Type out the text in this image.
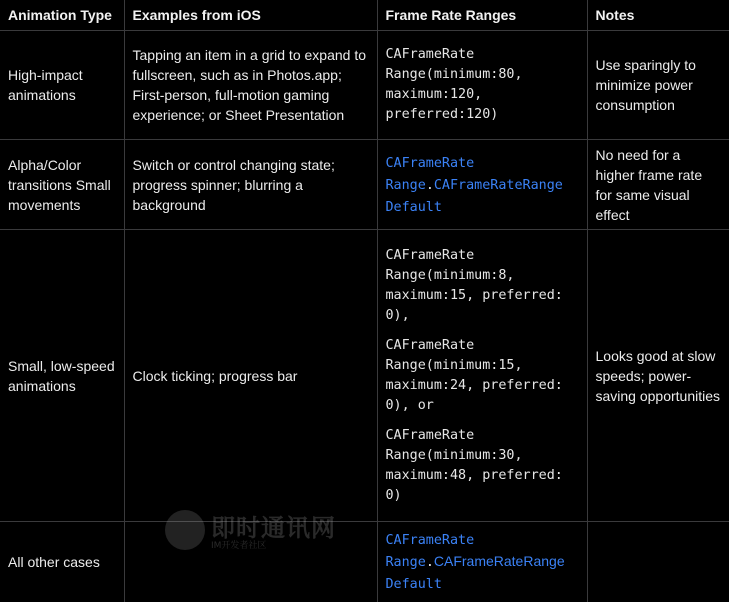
Animation Type	Examples from iOS	Frame Rate Ranges	Notes
High-impact animations	Tapping an item in a grid to expand to fullscreen, such as in Photos.app; First-person, full-motion gaming experience; or Sheet Presentation	CAFrameRate Range(minimum:80, maximum:120, preferred:120)	Use sparingly to minimize power consumption
Alpha/Color transitions Small movements	Switch or control changing state; progress spinner; blurring a background	CAFrameRate Range.CAFrameRateRange Default	No need for a higher frame rate for same visual effect
Small, low-speed animations	Clock ticking; progress bar	CAFrameRate Range(minimum:8, maximum:15, preferred: 0),
CAFrameRate Range(minimum:15, maximum:24, preferred: 0), or
CAFrameRate Range(minimum:30, maximum:48, preferred: 0)	Looks good at slow speeds; power-saving opportunities
All other cases		CAFrameRate Range.CAFrameRateRange Default	
即时通讯网
IM开发者社区
